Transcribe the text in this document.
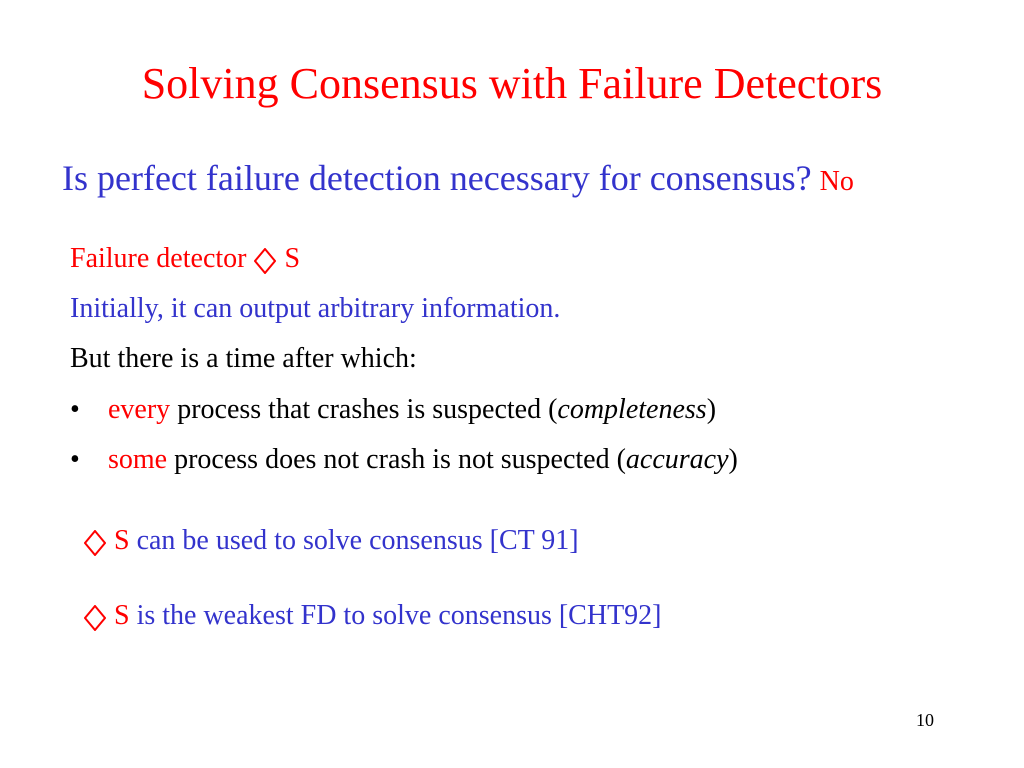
Solving Consensus with Failure Detectors
Is perfect failure detection necessary for consensus? No
Failure detector S
Initially, it can output arbitrary information.
But there is a time after which:
• every process that crashes is suspected (completeness)
• some process does not crash is not suspected (accuracy)
S can be used to solve consensus [CT 91]
S is the weakest FD to solve consensus [CHT92]
10
